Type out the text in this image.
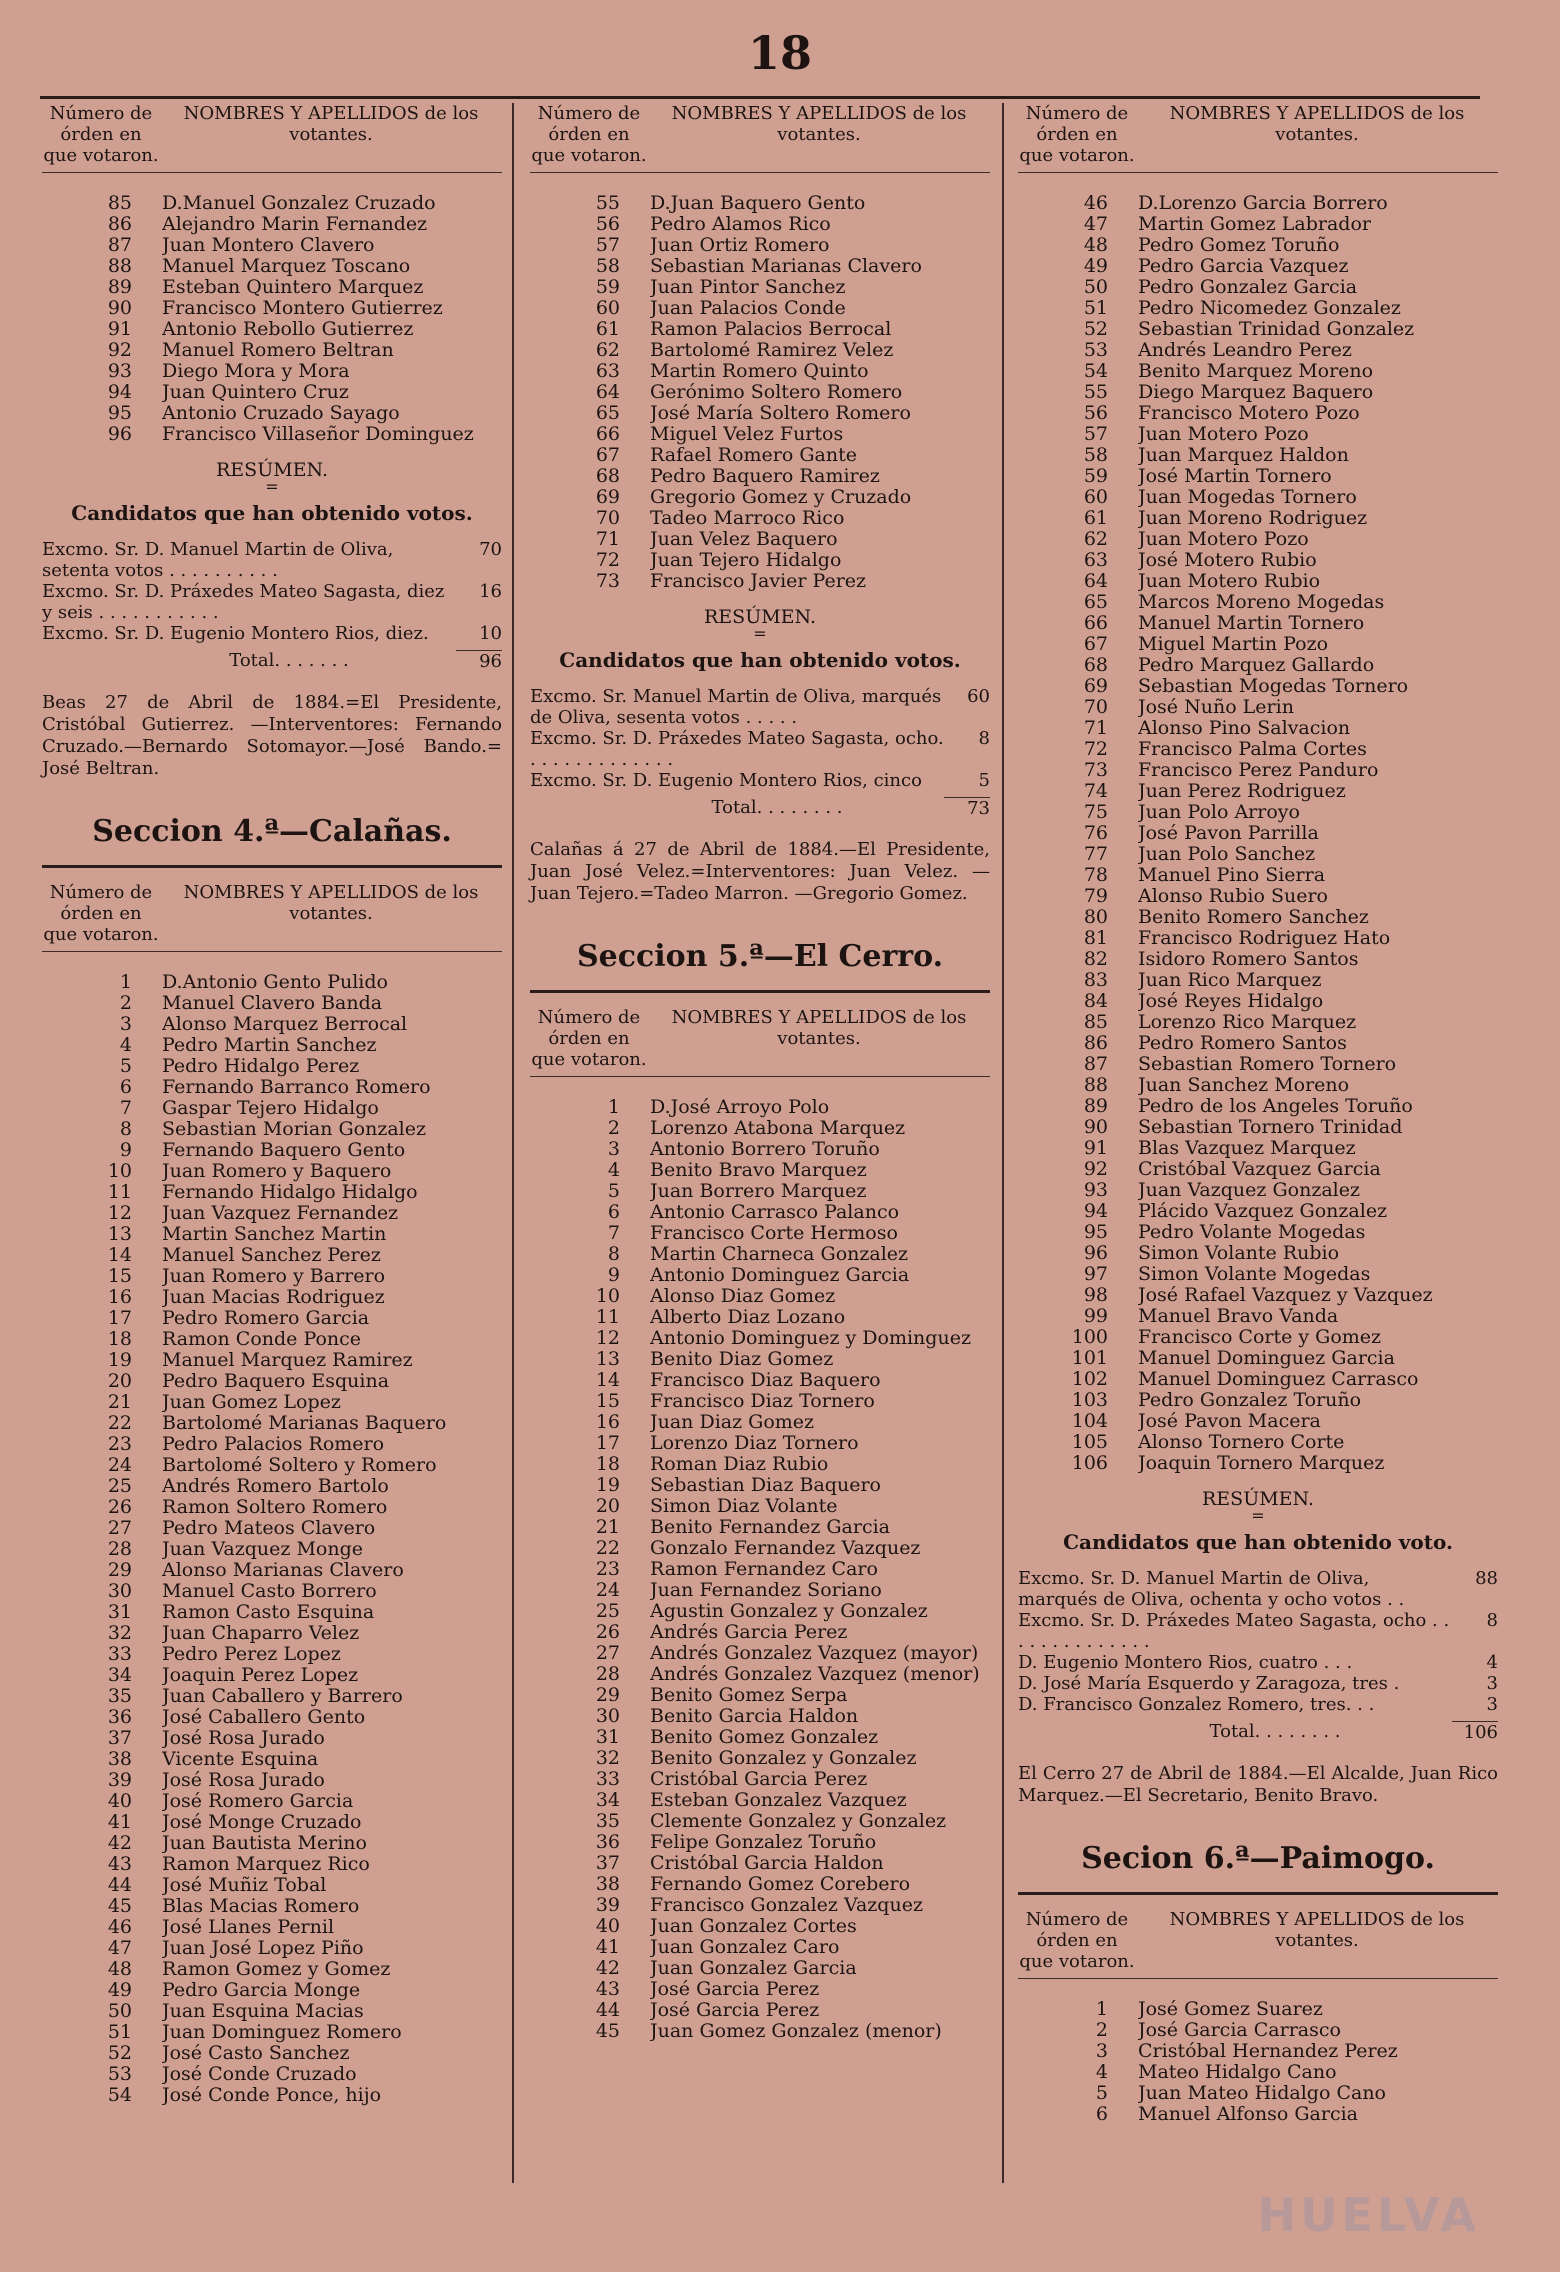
18
Número de órden en que votaron.
NOMBRES Y APELLIDOS de los votantes.
85	D.Manuel Gonzalez Cruzado
86	Alejandro Marin Fernandez
87	Juan Montero Clavero
88	Manuel Marquez Toscano
89	Esteban Quintero Marquez
90	Francisco Montero Gutierrez
91	Antonio Rebollo Gutierrez
92	Manuel Romero Beltran
93	Diego Mora y Mora
94	Juan Quintero Cruz
95	Antonio Cruzado Sayago
96	Francisco Villaseñor Dominguez
RESÚMEN.
=
Candidatos que han obtenido votos.
Excmo. Sr. D. Manuel Martin de Oliva, setenta votos . . . . . . . . . .
70
Excmo. Sr. D. Práxedes Mateo Sagasta, diez y seis . . . . . . . . . . .
16
Excmo. Sr. D. Eugenio Montero Rios, diez.	10
Total. . . . . . .	96
Beas 27 de Abril de 1884.=El Presidente, Cristóbal Gutierrez. —Interventores: Fernando Cruzado.—Bernardo Sotomayor.—José Bando.= José Beltran.
Seccion 4.ª—Calañas.
Número de órden en que votaron.
NOMBRES Y APELLIDOS de los votantes.
1	D.Antonio Gento Pulido
2	Manuel Clavero Banda
3	Alonso Marquez Berrocal
4	Pedro Martin Sanchez
5	Pedro Hidalgo Perez
6	Fernando Barranco Romero
7	Gaspar Tejero Hidalgo
8	Sebastian Morian Gonzalez
9	Fernando Baquero Gento
10	Juan Romero y Baquero
11	Fernando Hidalgo Hidalgo
12	Juan Vazquez Fernandez
13	Martin Sanchez Martin
14	Manuel Sanchez Perez
15	Juan Romero y Barrero
16	Juan Macias Rodriguez
17	Pedro Romero Garcia
18	Ramon Conde Ponce
19	Manuel Marquez Ramirez
20	Pedro Baquero Esquina
21	Juan Gomez Lopez
22	Bartolomé Marianas Baquero
23	Pedro Palacios Romero
24	Bartolomé Soltero y Romero
25	Andrés Romero Bartolo
26	Ramon Soltero Romero
27	Pedro Mateos Clavero
28	Juan Vazquez Monge
29	Alonso Marianas Clavero
30	Manuel Casto Borrero
31	Ramon Casto Esquina
32	Juan Chaparro Velez
33	Pedro Perez Lopez
34	Joaquin Perez Lopez
35	Juan Caballero y Barrero
36	José Caballero Gento
37	José Rosa Jurado
38	Vicente Esquina
39	José Rosa Jurado
40	José Romero Garcia
41	José Monge Cruzado
42	Juan Bautista Merino
43	Ramon Marquez Rico
44	José Muñiz Tobal
45	Blas Macias Romero
46	José Llanes Pernil
47	Juan José Lopez Piño
48	Ramon Gomez y Gomez
49	Pedro Garcia Monge
50	Juan Esquina Macias
51	Juan Dominguez Romero
52	José Casto Sanchez
53	José Conde Cruzado
54	José Conde Ponce, hijo
Número de órden en que votaron.
NOMBRES Y APELLIDOS de los votantes.
55	D.Juan Baquero Gento
56	Pedro Alamos Rico
57	Juan Ortiz Romero
58	Sebastian Marianas Clavero
59	Juan Pintor Sanchez
60	Juan Palacios Conde
61	Ramon Palacios Berrocal
62	Bartolomé Ramirez Velez
63	Martin Romero Quinto
64	Gerónimo Soltero Romero
65	José María Soltero Romero
66	Miguel Velez Furtos
67	Rafael Romero Gante
68	Pedro Baquero Ramirez
69	Gregorio Gomez y Cruzado
70	Tadeo Marroco Rico
71	Juan Velez Baquero
72	Juan Tejero Hidalgo
73	Francisco Javier Perez
RESÚMEN.
=
Candidatos que han obtenido votos.
Excmo. Sr. Manuel Martin de Oliva, marqués de Oliva, sesenta votos . . . . .
60
Excmo. Sr. D. Práxedes Mateo Sagasta, ocho. . . . . . . . . . . . . .
8
Excmo. Sr. D. Eugenio Montero Rios, cinco	5
Total. . . . . . . .	73
Calañas á 27 de Abril de 1884.—El Presidente, Juan José Velez.=Interventores: Juan Velez. —Juan Tejero.=Tadeo Marron. —Gregorio Gomez.
Seccion 5.ª—El Cerro.
Número de órden en que votaron.
NOMBRES Y APELLIDOS de los votantes.
1	D.José Arroyo Polo
2	Lorenzo Atabona Marquez
3	Antonio Borrero Toruño
4	Benito Bravo Marquez
5	Juan Borrero Marquez
6	Antonio Carrasco Palanco
7	Francisco Corte Hermoso
8	Martin Charneca Gonzalez
9	Antonio Dominguez Garcia
10	Alonso Diaz Gomez
11	Alberto Diaz Lozano
12	Antonio Dominguez y Dominguez
13	Benito Diaz Gomez
14	Francisco Diaz Baquero
15	Francisco Diaz Tornero
16	Juan Diaz Gomez
17	Lorenzo Diaz Tornero
18	Roman Diaz Rubio
19	Sebastian Diaz Baquero
20	Simon Diaz Volante
21	Benito Fernandez Garcia
22	Gonzalo Fernandez Vazquez
23	Ramon Fernandez Caro
24	Juan Fernandez Soriano
25	Agustin Gonzalez y Gonzalez
26	Andrés Garcia Perez
27	Andrés Gonzalez Vazquez (mayor)
28	Andrés Gonzalez Vazquez (menor)
29	Benito Gomez Serpa
30	Benito Garcia Haldon
31	Benito Gomez Gonzalez
32	Benito Gonzalez y Gonzalez
33	Cristóbal Garcia Perez
34	Esteban Gonzalez Vazquez
35	Clemente Gonzalez y Gonzalez
36	Felipe Gonzalez Toruño
37	Cristóbal Garcia Haldon
38	Fernando Gomez Corebero
39	Francisco Gonzalez Vazquez
40	Juan Gonzalez Cortes
41	Juan Gonzalez Caro
42	Juan Gonzalez Garcia
43	José Garcia Perez
44	José Garcia Perez
45	Juan Gomez Gonzalez (menor)
Número de órden en que votaron.
NOMBRES Y APELLIDOS de los votantes.
46	D.Lorenzo Garcia Borrero
47	Martin Gomez Labrador
48	Pedro Gomez Toruño
49	Pedro Garcia Vazquez
50	Pedro Gonzalez Garcia
51	Pedro Nicomedez Gonzalez
52	Sebastian Trinidad Gonzalez
53	Andrés Leandro Perez
54	Benito Marquez Moreno
55	Diego Marquez Baquero
56	Francisco Motero Pozo
57	Juan Motero Pozo
58	Juan Marquez Haldon
59	José Martin Tornero
60	Juan Mogedas Tornero
61	Juan Moreno Rodriguez
62	Juan Motero Pozo
63	José Motero Rubio
64	Juan Motero Rubio
65	Marcos Moreno Mogedas
66	Manuel Martin Tornero
67	Miguel Martin Pozo
68	Pedro Marquez Gallardo
69	Sebastian Mogedas Tornero
70	José Nuño Lerin
71	Alonso Pino Salvacion
72	Francisco Palma Cortes
73	Francisco Perez Panduro
74	Juan Perez Rodriguez
75	Juan Polo Arroyo
76	José Pavon Parrilla
77	Juan Polo Sanchez
78	Manuel Pino Sierra
79	Alonso Rubio Suero
80	Benito Romero Sanchez
81	Francisco Rodriguez Hato
82	Isidoro Romero Santos
83	Juan Rico Marquez
84	José Reyes Hidalgo
85	Lorenzo Rico Marquez
86	Pedro Romero Santos
87	Sebastian Romero Tornero
88	Juan Sanchez Moreno
89	Pedro de los Angeles Toruño
90	Sebastian Tornero Trinidad
91	Blas Vazquez Marquez
92	Cristóbal Vazquez Garcia
93	Juan Vazquez Gonzalez
94	Plácido Vazquez Gonzalez
95	Pedro Volante Mogedas
96	Simon Volante Rubio
97	Simon Volante Mogedas
98	José Rafael Vazquez y Vazquez
99	Manuel Bravo Vanda
100	Francisco Corte y Gomez
101	Manuel Dominguez Garcia
102	Manuel Dominguez Carrasco
103	Pedro Gonzalez Toruño
104	José Pavon Macera
105	Alonso Tornero Corte
106	Joaquin Tornero Marquez
RESÚMEN.
=
Candidatos que han obtenido voto.
Excmo. Sr. D. Manuel Martin de Oliva, marqués de Oliva, ochenta y ocho votos . .
88
Excmo. Sr. D. Práxedes Mateo Sagasta, ocho . . . . . . . . . . . . . .
8
D. Eugenio Montero Rios, cuatro . . .	4
D. José María Esquerdo y Zaragoza, tres .	3
D. Francisco Gonzalez Romero, tres. . .	3
Total. . . . . . . .	106
El Cerro 27 de Abril de 1884.—El Alcalde, Juan Rico Marquez.—El Secretario, Benito Bravo.
Secion 6.ª—Paimogo.
Número de órden en que votaron.
NOMBRES Y APELLIDOS de los votantes.
1	José Gomez Suarez
2	José Garcia Carrasco
3	Cristóbal Hernandez Perez
4	Mateo Hidalgo Cano
5	Juan Mateo Hidalgo Cano
6	Manuel Alfonso Garcia
HUELVA
